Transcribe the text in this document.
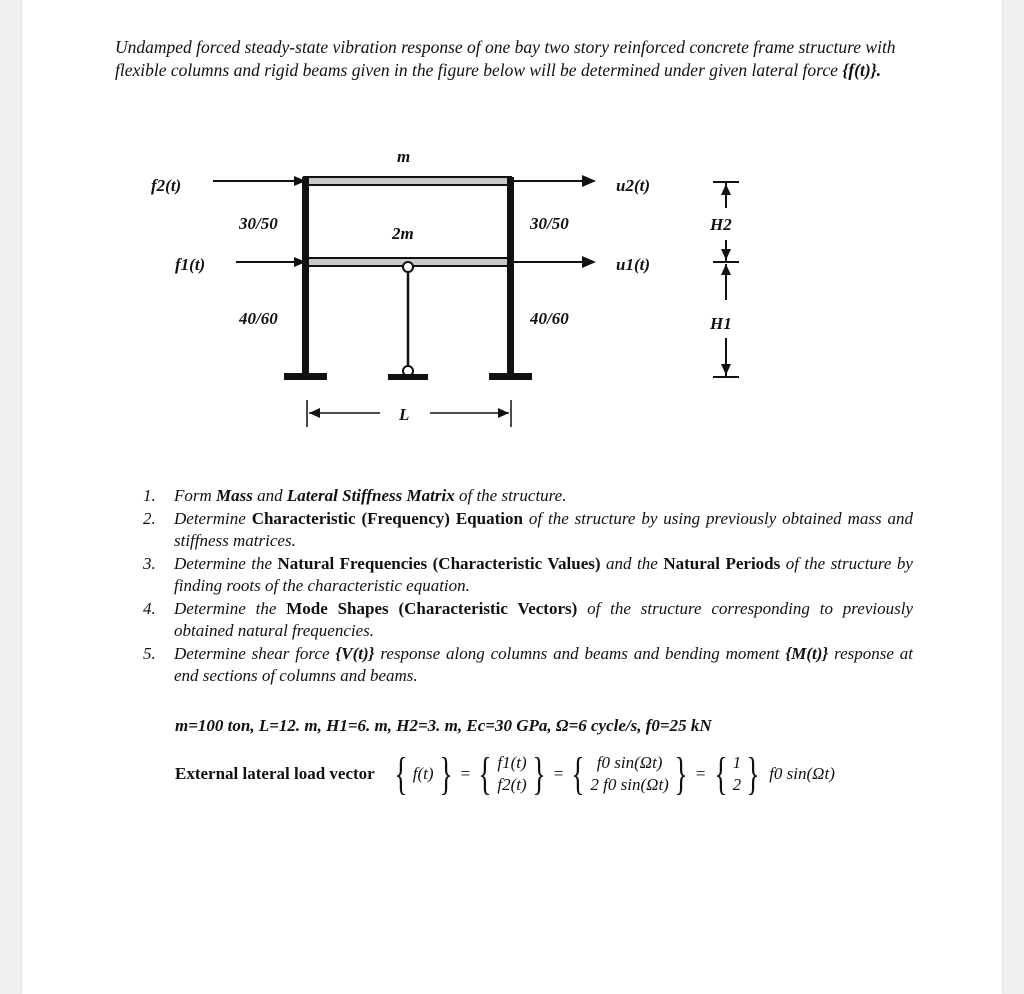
Undamped forced steady-state vibration response of one bay two story reinforced concrete frame structure with flexible columns and rigid beams given in the figure below will be determined under given lateral force {f(t)}.
m
2m
f2(t)
f1(t)
u2(t)
u1(t)
30/50	30/50
40/60	40/60
H2
H1
L
1. Form Mass and Lateral Stiffness Matrix of the structure.
2. Determine Characteristic (Frequency) Equation of the structure by using previously obtained mass and stiffness matrices.
3. Determine the Natural Frequencies (Characteristic Values) and the Natural Periods of the structure by finding roots of the characteristic equation.
4. Determine the Mode Shapes (Characteristic Vectors) of the structure corresponding to previously obtained natural frequencies.
5. Determine shear force {V(t)} response along columns and beams and bending moment {M(t)} response at end sections of columns and beams.
m=100 ton, L=12. m, H1=6. m, H2=3. m, Ec=30 GPa, Ω=6 cycle/s, f0=25 kN
External lateral load vector { f(t) } = { f1(t)
f2(t) } = { f0 sin(Ωt)
2 f0 sin(Ωt) } = { 1
2 } f0 sin(Ωt)
